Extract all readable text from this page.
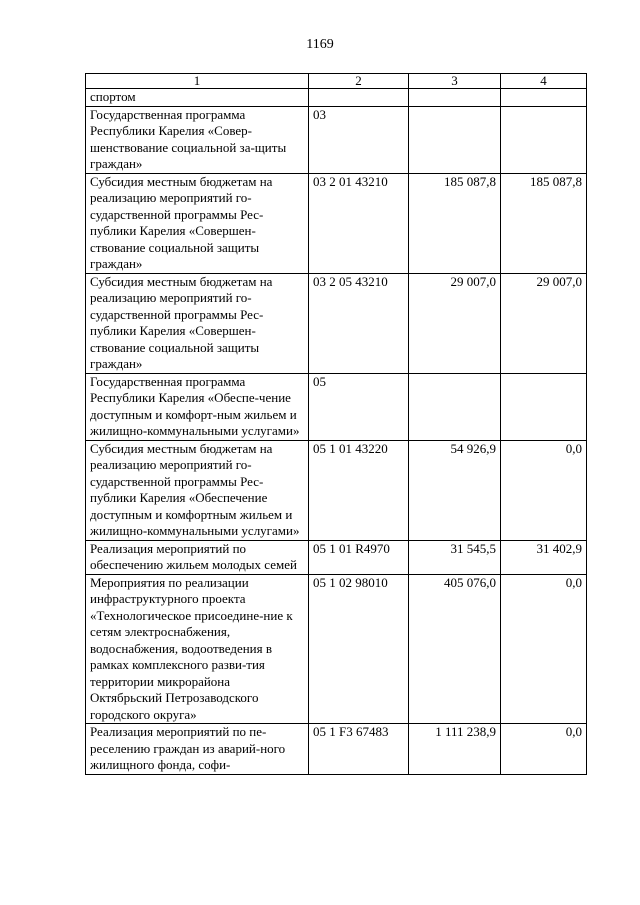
1169
1	2	3	4
спортом			
Государственная программа Республики Карелия «Совер-шенствование социальной за-щиты граждан»	03		
Субсидия местным бюджетам на реализацию мероприятий го-сударственной программы Рес-публики Карелия «Совершен-ствование социальной защиты граждан»	03 2 01 43210	185 087,8	185 087,8
Субсидия местным бюджетам на реализацию мероприятий го-сударственной программы Рес-публики Карелия «Совершен-ствование социальной защиты граждан»	03 2 05 43210	29 007,0	29 007,0
Государственная программа Республики Карелия «Обеспе-чение доступным и комфорт-ным жильем и жилищно-коммунальными услугами»	05		
Субсидия местным бюджетам на реализацию мероприятий го-сударственной программы Рес-публики Карелия «Обеспечение доступным и комфортным жильем и жилищно-коммунальными услугами»	05 1 01 43220	54 926,9	0,0
Реализация мероприятий по обеспечению жильем молодых семей	05 1 01 R4970	31 545,5	31 402,9
Мероприятия по реализации инфраструктурного проекта «Технологическое присоедине-ние к сетям электроснабжения, водоснабжения, водоотведения в рамках комплексного разви-тия территории микрорайона Октябрьский Петрозаводского городского округа»	05 1 02 98010	405 076,0	0,0
Реализация мероприятий по пе-реселению граждан из аварий-ного жилищного фонда, софи-	05 1 F3 67483	1 111 238,9	0,0
